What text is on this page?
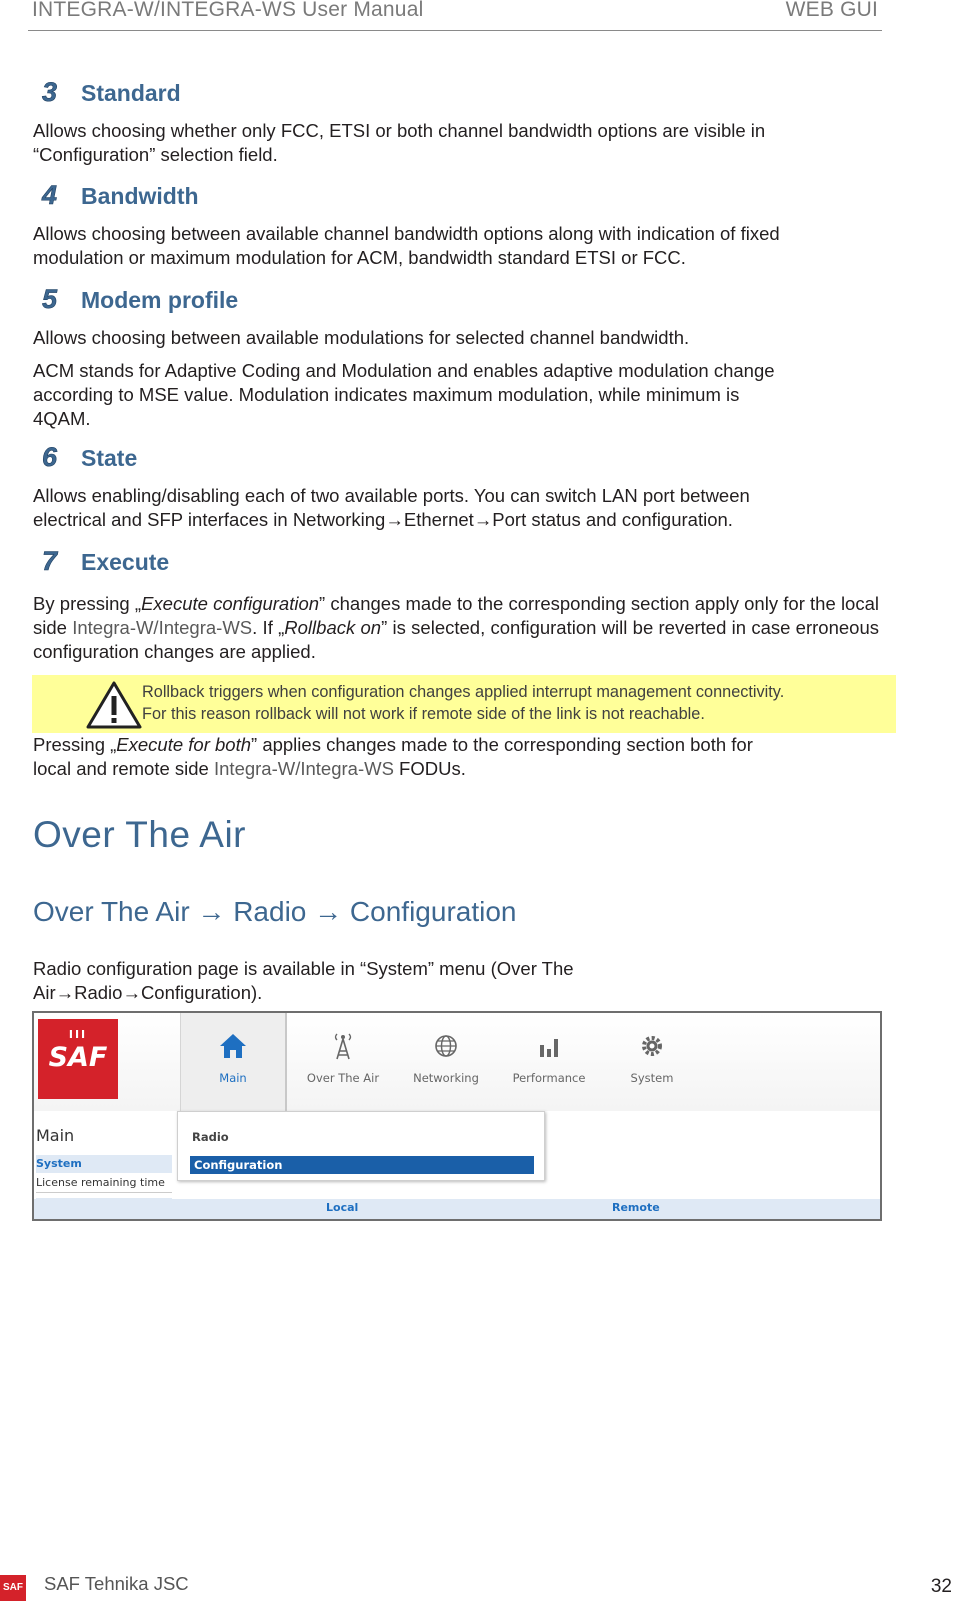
INTEGRA-W/INTEGRA-WS User Manual	WEB GUI
3 Standard
Allows choosing whether only FCC, ETSI or both channel bandwidth options are visible in
“Configuration” selection field.
4 Bandwidth
Allows choosing between available channel bandwidth options along with indication of fixed
modulation or maximum modulation for ACM, bandwidth standard ETSI or FCC.
5 Modem profile
Allows choosing between available modulations for selected channel bandwidth.
ACM stands for Adaptive Coding and Modulation and enables adaptive modulation change
according to MSE value. Modulation indicates maximum modulation, while minimum is
4QAM.
6 State
Allows enabling/disabling each of two available ports. You can switch LAN port between
electrical and SFP interfaces in Networking→Ethernet→Port status and configuration.
7 Execute
By pressing „Execute configuration” changes made to the corresponding section apply only for the local side Integra-W/Integra-WS. If „Rollback on” is selected, configuration will be reverted in case erroneous configuration changes are applied.
Rollback triggers when configuration changes applied interrupt management connectivity.
For this reason rollback will not work if remote side of the link is not reachable.
Pressing „Execute for both” applies changes made to the corresponding section both for
local and remote side Integra-W/Integra-WS FODUs.
Over The Air
Over The Air → Radio → Configuration
Radio configuration page is available in “System” menu (Over The
Air→Radio→Configuration).
III
SAF
Main	Over The Air	Networking	Performance	System
Main
System
License remaining time
Local	Remote
Radio
Configuration
SAF SAF Tehnika JSC	32
